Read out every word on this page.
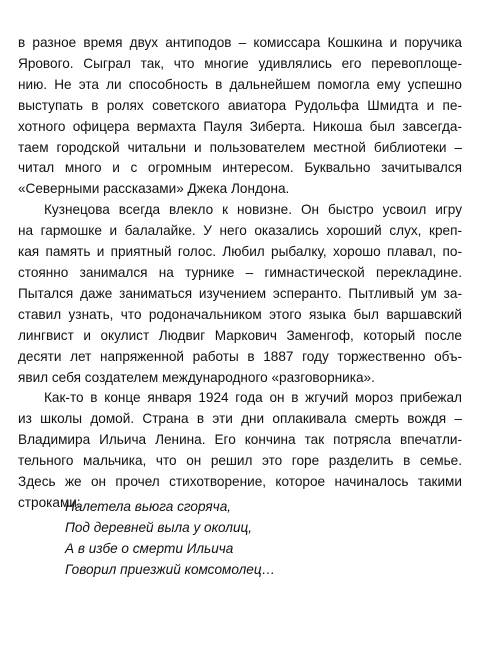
в разное время двух антиподов – комиссара Кошкина и поручика
Ярового. Сыграл так, что многие удивлялись его перевоплоще-
нию. Не эта ли способность в дальнейшем помогла ему успешно
выступать в ролях советского авиатора Рудольфа Шмидта и пе-
хотного офицера вермахта Пауля Зиберта. Никоша был завсегда-
таем городской читальни и пользователем местной библиотеки –
читал много и с огромным интересом. Буквально зачитывался
«Северными рассказами» Джека Лондона.

Кузнецова всегда влекло к новизне. Он быстро усвоил игру
на гармошке и балалайке. У него оказались хороший слух, креп-
кая память и приятный голос. Любил рыбалку, хорошо плавал, по-
стоянно занимался на турнике – гимнастической перекладине.
Пытался даже заниматься изучением эсперанто. Пытливый ум за-
ставил узнать, что родоначальником этого языка был варшавский
лингвист и окулист Людвиг Маркович Заменгоф, который после
десяти лет напряженной работы в 1887 году торжественно объ-
явил себя создателем международного «разговорника».

Как-то в конце января 1924 года он в жгучий мороз прибежал
из школы домой. Страна в эти дни оплакивала смерть вождя –
Владимира Ильича Ленина. Его кончина так потрясла впечатли-
тельного мальчика, что он решил это горе разделить в семье.
Здесь же он прочел стихотворение, которое начиналось такими
строками:

Налетела вьюга сгоряча,
Под деревней выла у околиц,
А в избе о смерти Ильича
Говорил приезжий комсомолец…
